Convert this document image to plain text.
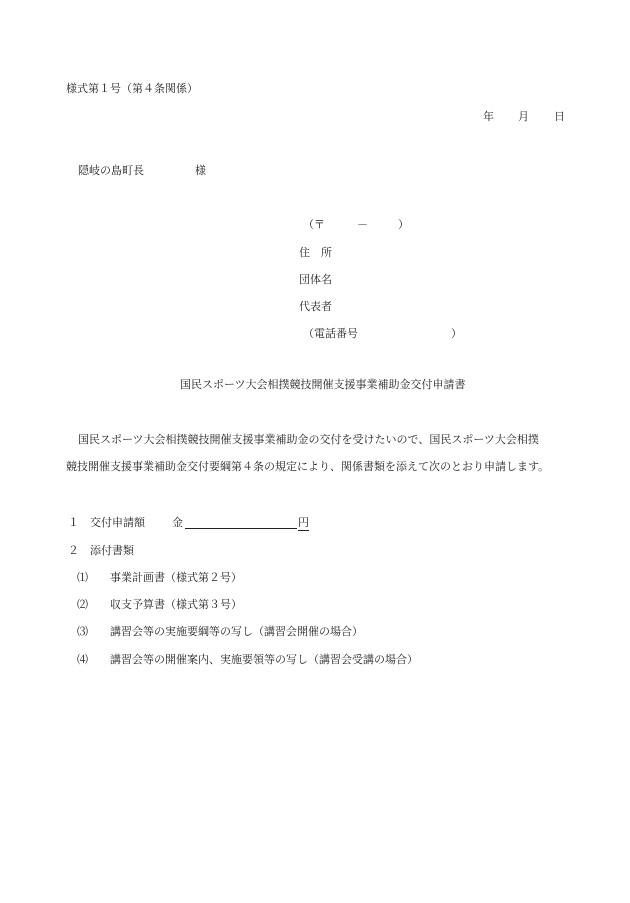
様式第１号（第４条関係）
年 月 日
隠岐の島町長	様
（〒	－	）
住　所
団体名
代表者
（電話番号	）
国民スポーツ大会相撲競技開催支援事業補助金交付申請書
国民スポーツ大会相撲競技開催支援事業補助金の交付を受けたいので、国民スポーツ大会相撲
競技開催支援事業補助金交付要綱第４条の規定により、関係書類を添えて次のとおり申請します。
１ 交付申請額 金	円
２ 添付書類
⑴ 事業計画書（様式第２号）
⑵ 収支予算書（様式第３号）
⑶ 講習会等の実施要綱等の写し（講習会開催の場合）
⑷ 講習会等の開催案内、実施要領等の写し（講習会受講の場合）
